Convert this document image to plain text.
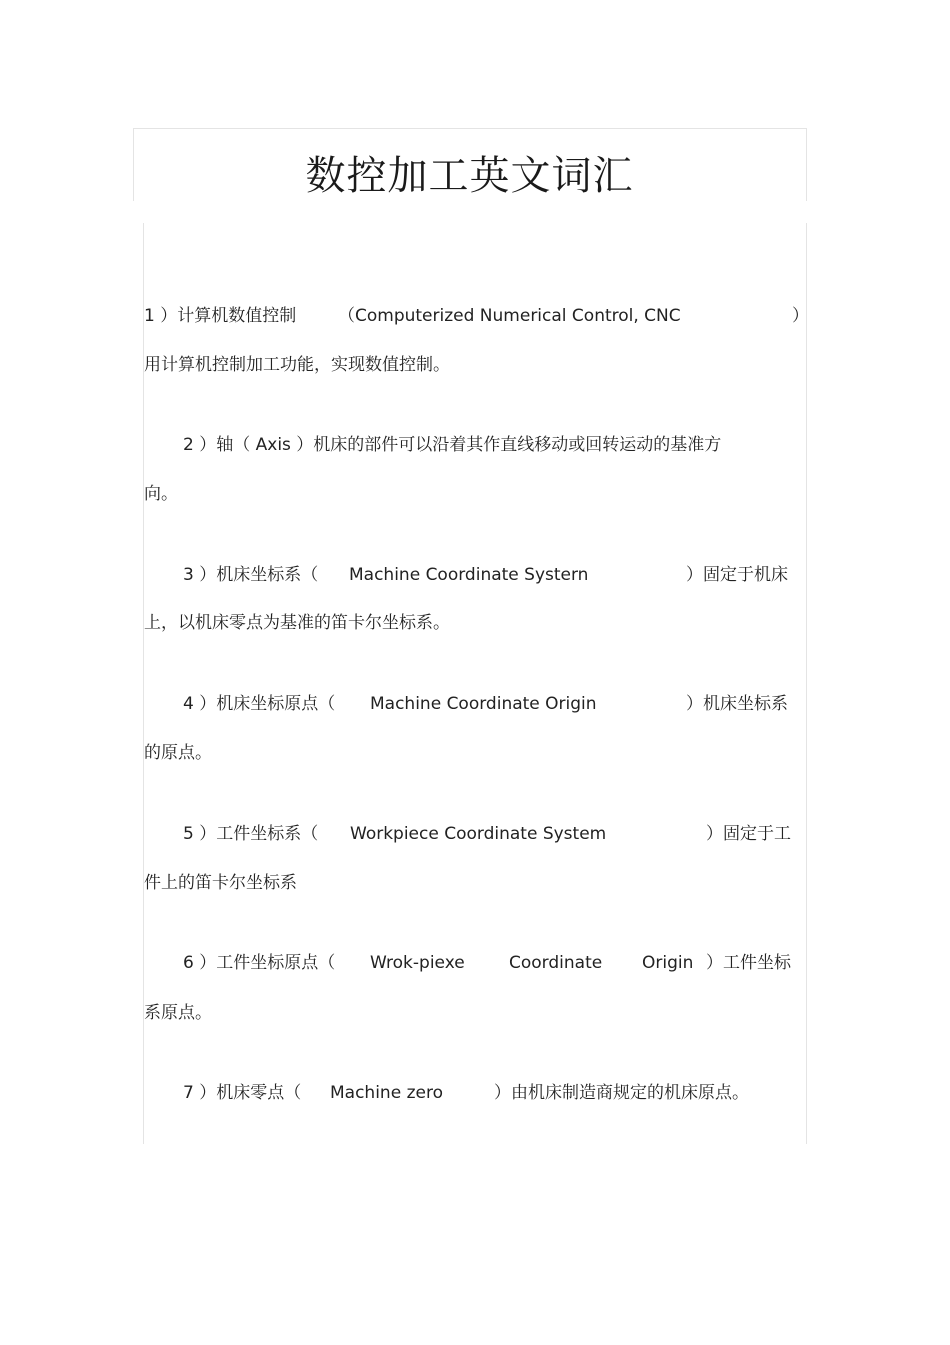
数控加工英文词汇
1 ）计算机数值控制 （Computerized Numerical Control, CNC	）
用计算机控制加工功能，实现数值控制。
2 ）轴（ Axis ）机床的部件可以沿着其作直线移动或回转运动的基准方
向。
3 ）机床坐标系（ Machine Coordinate Systern	）固定于机床
上，以机床零点为基准的笛卡尔坐标系。
4 ）机床坐标原点（ Machine Coordinate Origin	）机床坐标系
的原点。
5 ）工件坐标系（ Workpiece Coordinate System	）固定于工
件上的笛卡尔坐标系
6 ）工件坐标原点（ Wrok-piexe	Coordinate Origin ）工件坐标
系原点。
7 ）机床零点（ Machine zero	）由机床制造商规定的机床原点。
